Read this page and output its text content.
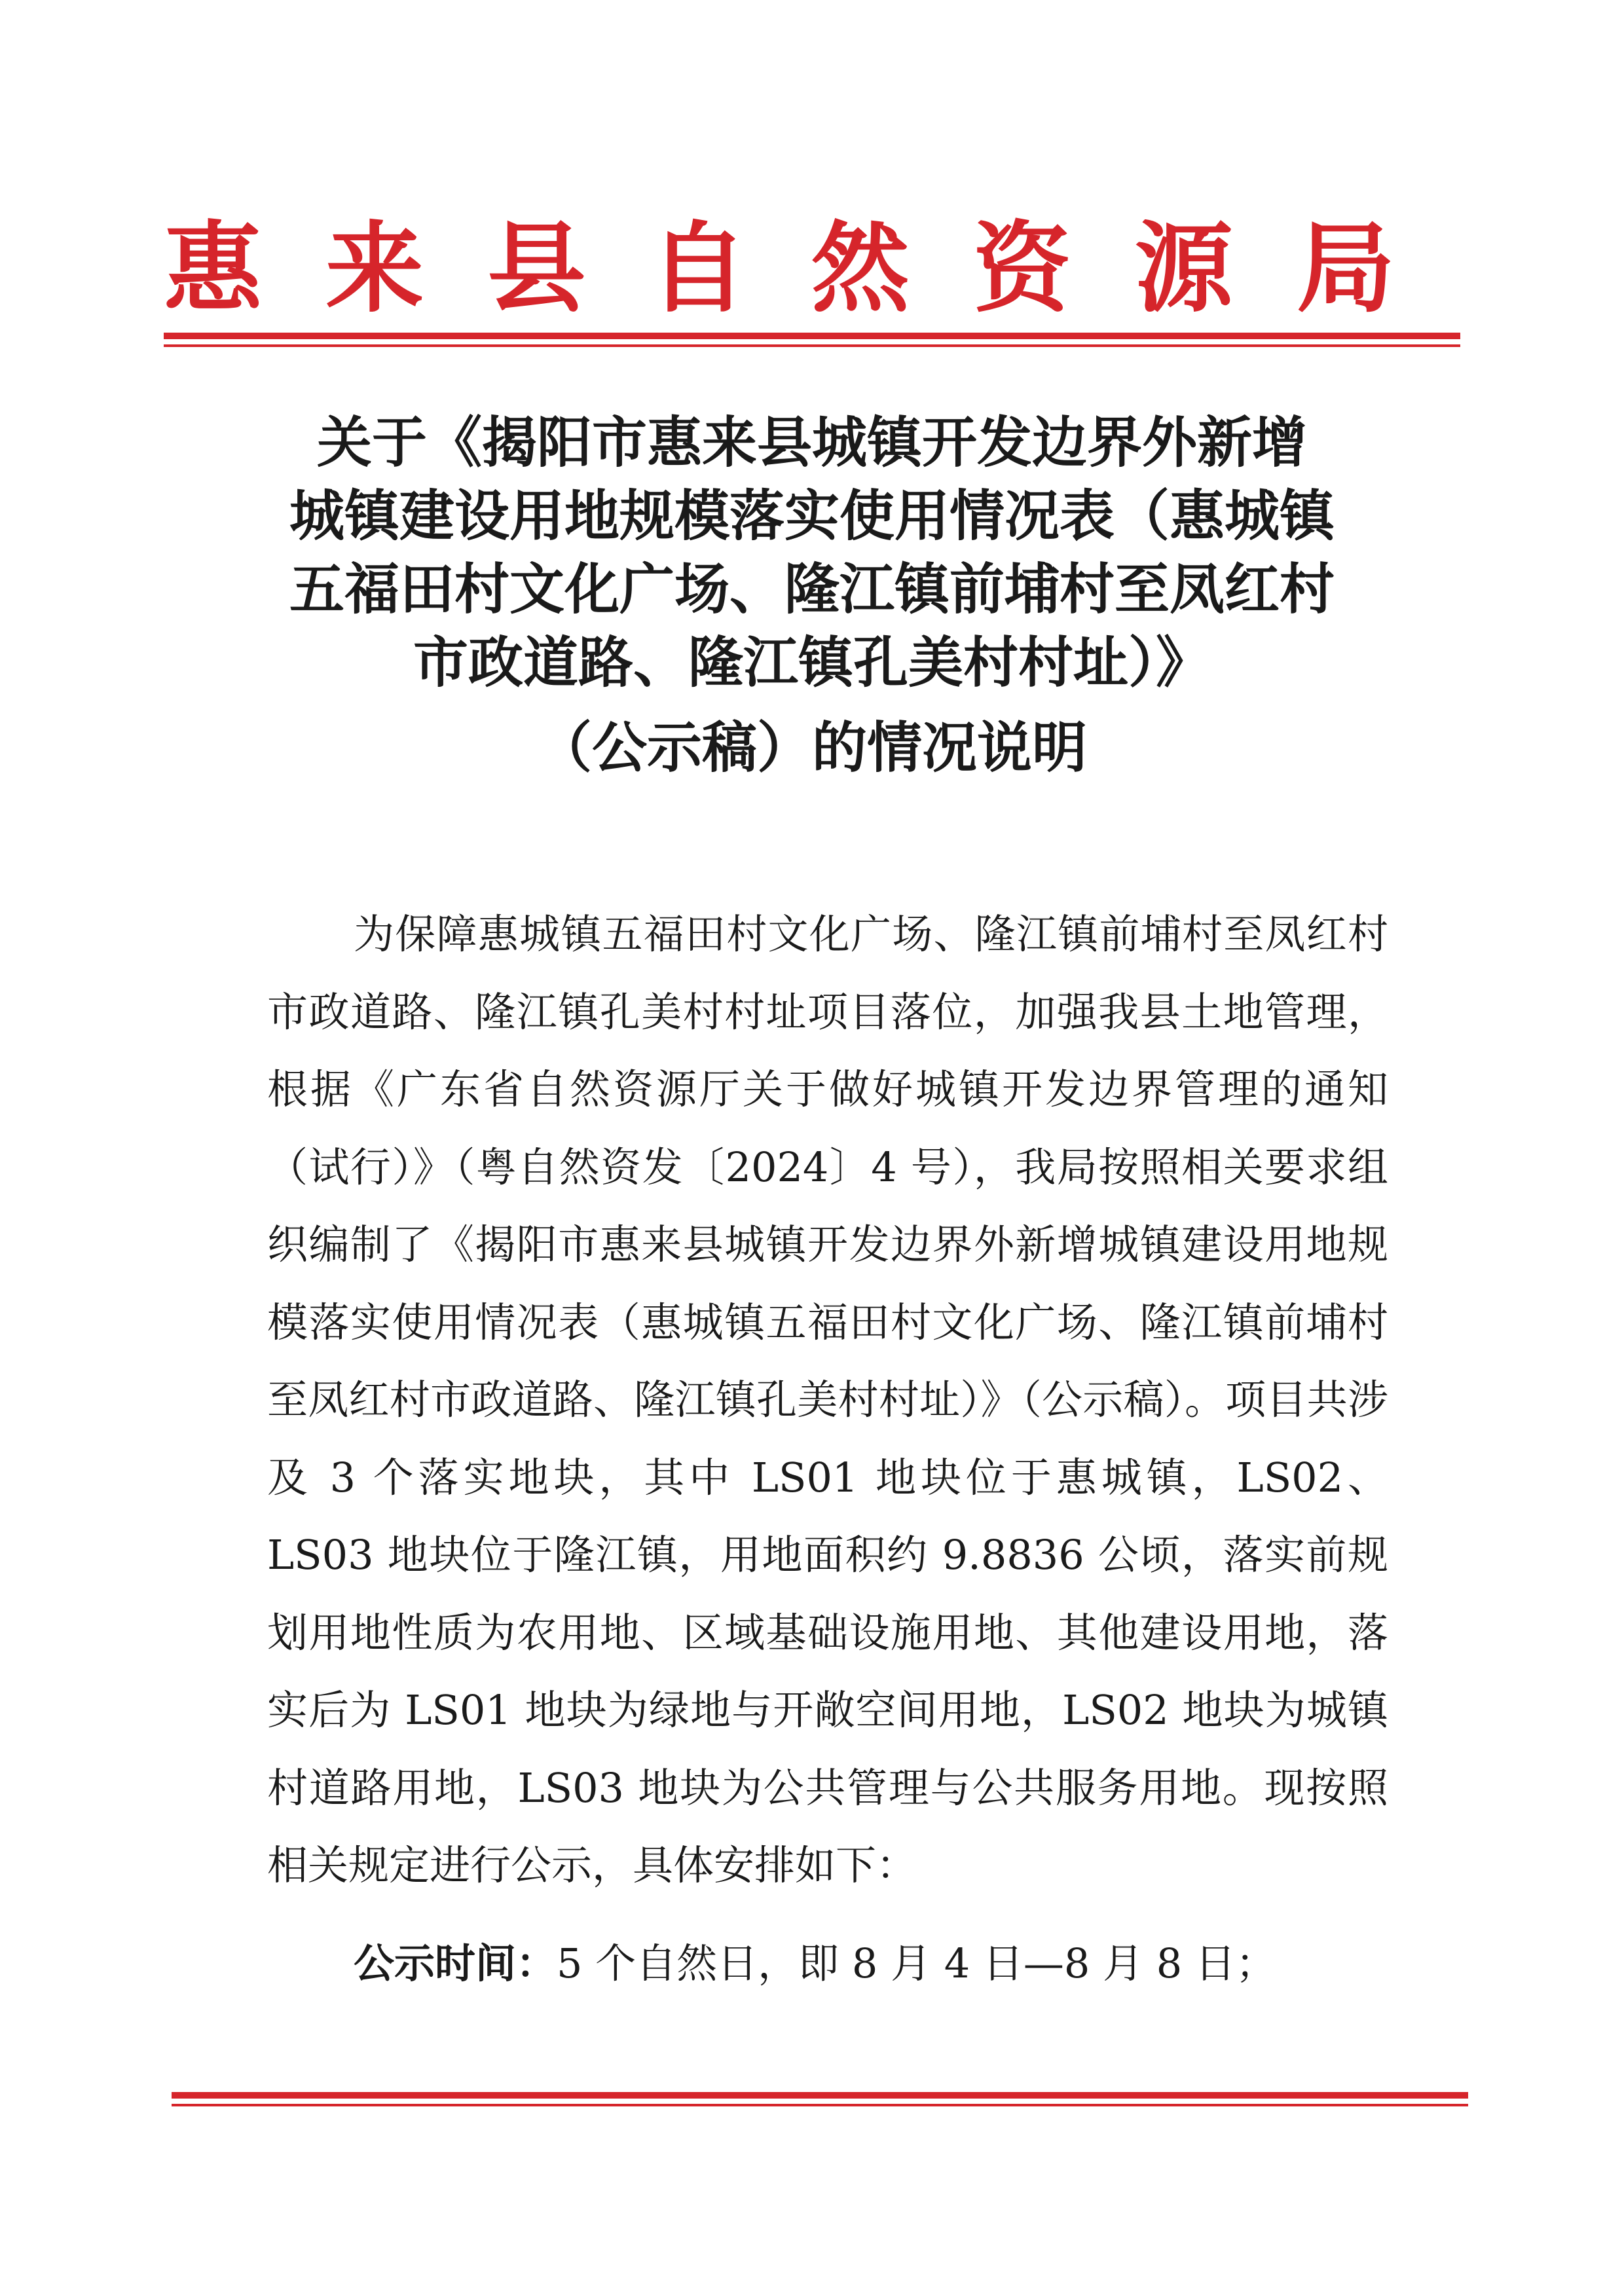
惠来县自然资源局
关于《揭阳市惠来县城镇开发边界外新增
城镇建设用地规模落实使用情况表（惠城镇
五福田村文化广场、隆江镇前埔村至凤红村
市政道路、隆江镇孔美村村址）》
（公示稿）的情况说明

为保障惠城镇五福田村文化广场、隆江镇前埔村至凤红村市政道路、隆江镇孔美村村址项目落位，加强我县土地管理，根据《广东省自然资源厅关于做好城镇开发边界管理的通知（试行）》（粤自然资发〔2024〕4 号），我局按照相关要求组织编制了《揭阳市惠来县城镇开发边界外新增城镇建设用地规模落实使用情况表（惠城镇五福田村文化广场、隆江镇前埔村至凤红村市政道路、隆江镇孔美村村址）》（公示稿）。项目共涉及 3 个落实地块，其中 LS01 地块位于惠城镇，LS02、LS03 地块位于隆江镇，用地面积约 9.8836 公顷，落实前规划用地性质为农用地、区域基础设施用地、其他建设用地，落实后为 LS01 地块为绿地与开敞空间用地，LS02 地块为城镇村道路用地，LS03 地块为公共管理与公共服务用地。现按照相关规定进行公示，具体安排如下：

公示时间：5 个自然日，即 8 月 4 日—8 月 8 日；
